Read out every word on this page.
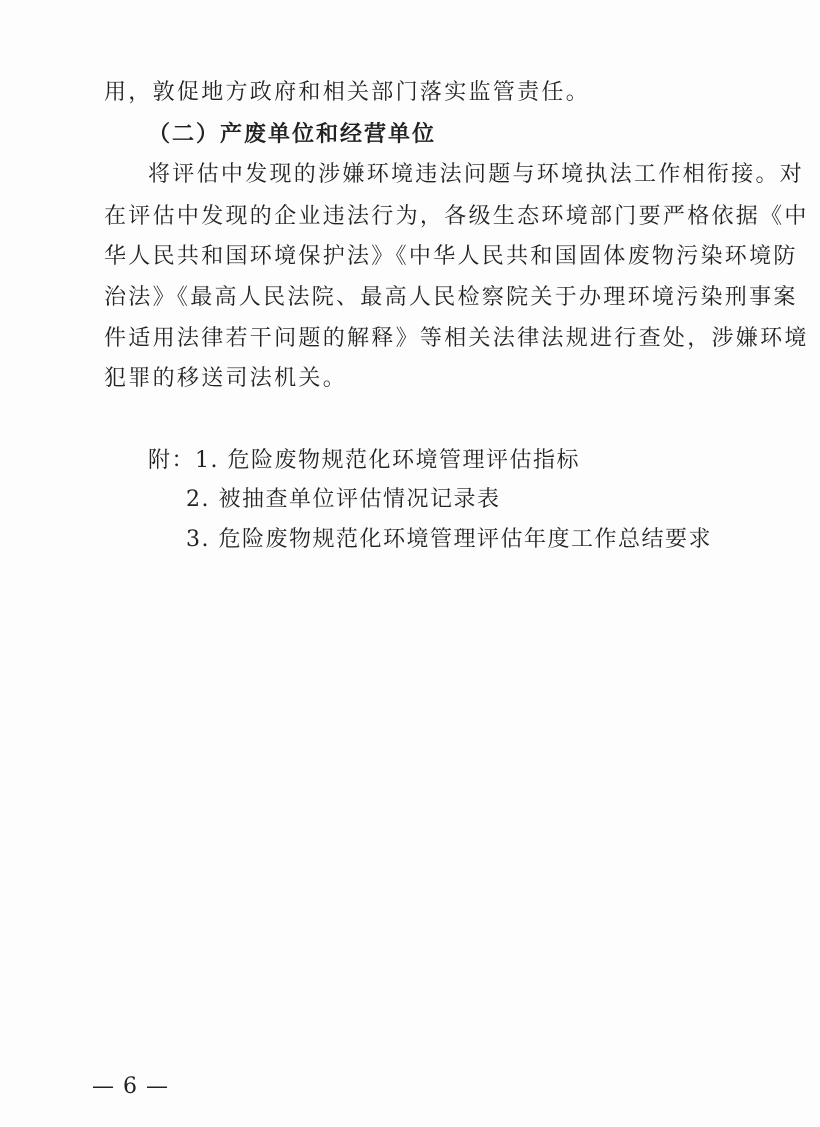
用，敦促地方政府和相关部门落实监管责任。
（二）产废单位和经营单位
将评估中发现的涉嫌环境违法问题与环境执法工作相衔接。对
在评估中发现的企业违法行为，各级生态环境部门要严格依据《中
华人民共和国环境保护法》《中华人民共和国固体废物污染环境防
治法》《最高人民法院、最高人民检察院关于办理环境污染刑事案
件适用法律若干问题的解释》等相关法律法规进行查处，涉嫌环境
犯罪的移送司法机关。
附：1. 危险废物规范化环境管理评估指标
2. 被抽查单位评估情况记录表
3. 危险废物规范化环境管理评估年度工作总结要求
— 6 —
